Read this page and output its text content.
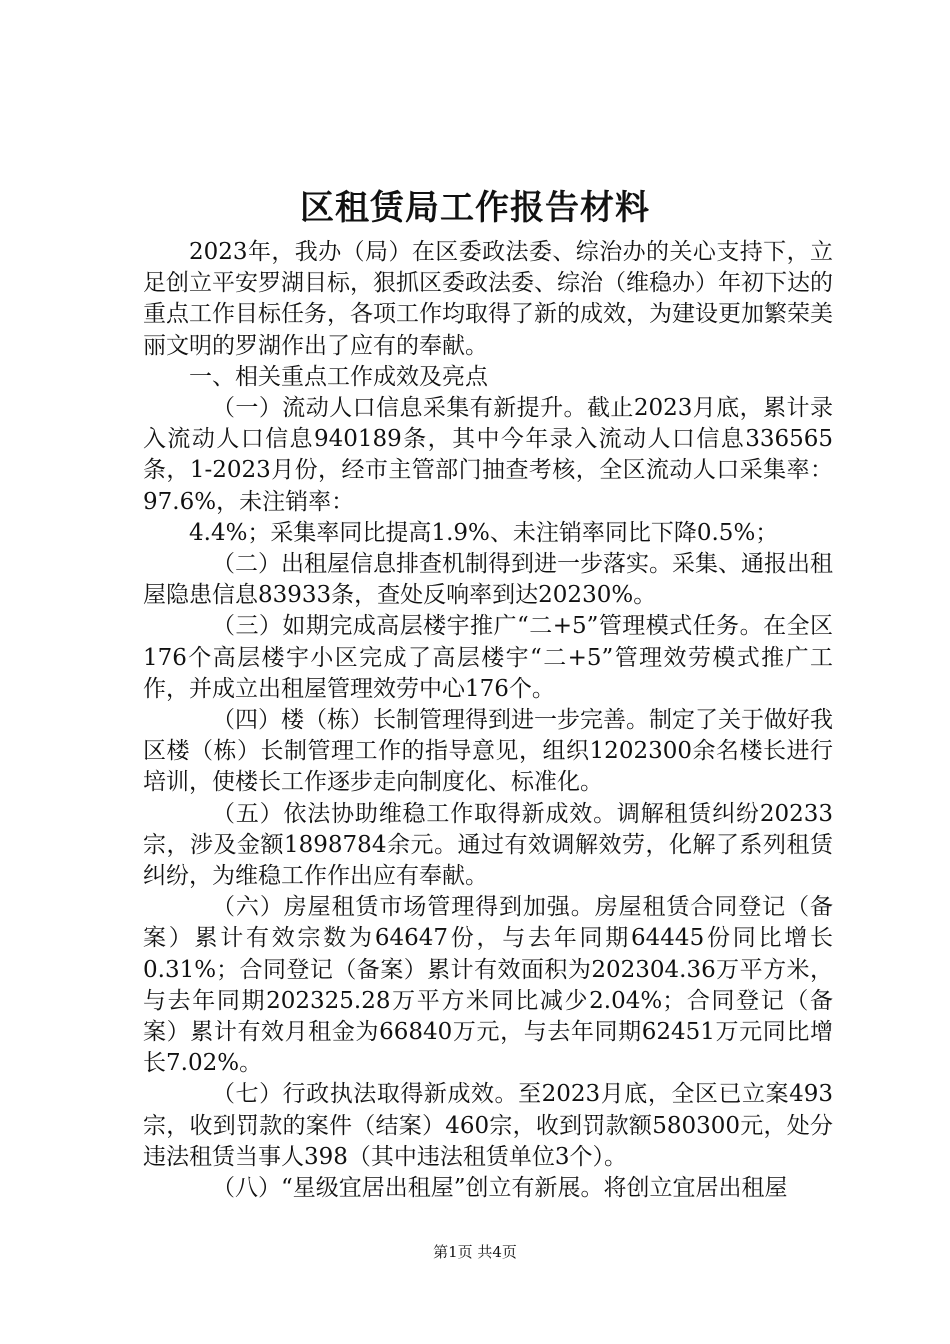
区租赁局工作报告材料

2023年，我办（局）在区委政法委、综治办的关心支持下，立足创立平安罗湖目标，狠抓区委政法委、综治（维稳办）年初下达的重点工作目标任务，各项工作均取得了新的成效，为建设更加繁荣美丽文明的罗湖作出了应有的奉献。

一、相关重点工作成效及亮点

（一）流动人口信息采集有新提升。截止2023月底，累计录入流动人口信息940189条，其中今年录入流动人口信息336565条，1-2023月份，经市主管部门抽查考核，全区流动人口采集率：97.6%，未注销率：

4.4%；采集率同比提高1.9%、未注销率同比下降0.5%；

（二）出租屋信息排查机制得到进一步落实。采集、通报出租屋隐患信息83933条，查处反响率到达20230%。

（三）如期完成高层楼宇推广“二+5”管理模式任务。在全区176个高层楼宇小区完成了高层楼宇“二+5”管理效劳模式推广工作，并成立出租屋管理效劳中心176个。

（四）楼（栋）长制管理得到进一步完善。制定了关于做好我区楼（栋）长制管理工作的指导意见，组织1202300余名楼长进行培训，使楼长工作逐步走向制度化、标准化。

（五）依法协助维稳工作取得新成效。调解租赁纠纷20233宗，涉及金额1898784余元。通过有效调解效劳，化解了系列租赁纠纷，为维稳工作作出应有奉献。

（六）房屋租赁市场管理得到加强。房屋租赁合同登记（备案）累计有效宗数为64647份，与去年同期64445份同比增长0.31%；合同登记（备案）累计有效面积为202304.36万平方米，与去年同期202325.28万平方米同比减少2.04%；合同登记（备案）累计有效月租金为66840万元，与去年同期62451万元同比增长7.02%。

（七）行政执法取得新成效。至2023月底，全区已立案493宗，收到罚款的案件（结案）460宗，收到罚款额580300元，处分违法租赁当事人398（其中违法租赁单位3个）。

（八）“星级宜居出租屋”创立有新展。将创立宜居出租屋

第1页 共4页
